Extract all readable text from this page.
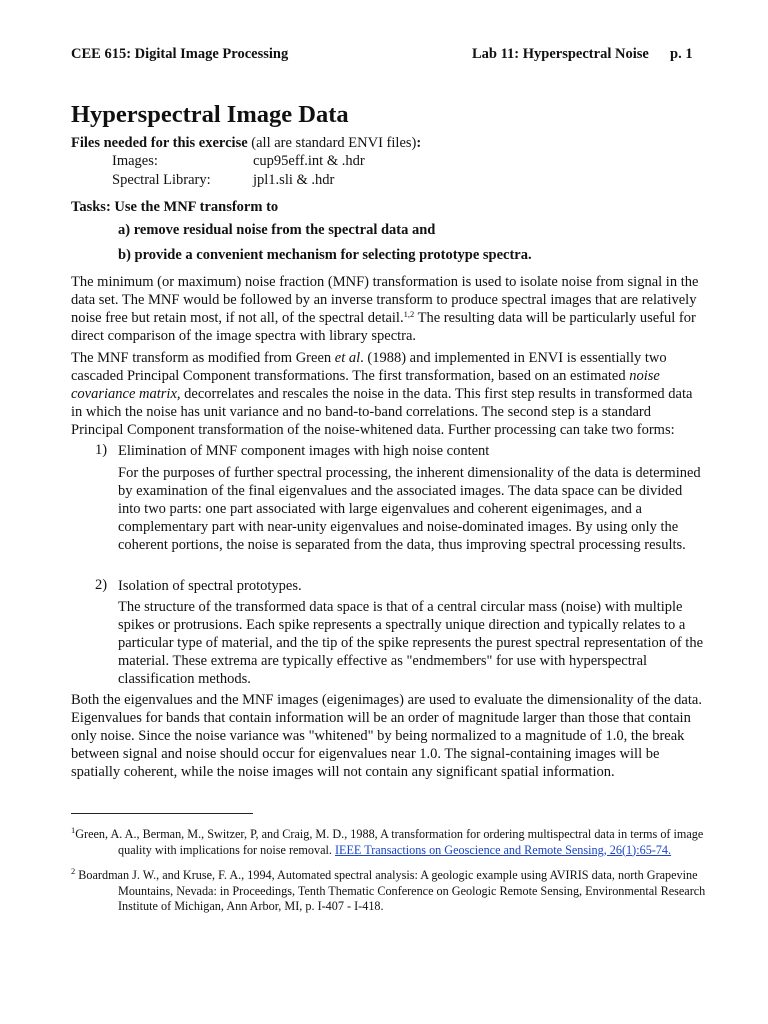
CEE 615: Digital Image Processing	Lab 11: Hyperspectral Noise p. 1
Hyperspectral Image Data
Files needed for this exercise (all are standard ENVI files):
Images:	cup95eff.int & .hdr
Spectral Library:	jpl1.sli & .hdr
Tasks: Use the MNF transform to
a) remove residual noise from the spectral data and
b) provide a convenient mechanism for selecting prototype spectra.

The minimum (or maximum) noise fraction (MNF) transformation is used to isolate noise from signal in the data set. The MNF would be followed by an inverse transform to produce spectral images that are relatively noise free but retain most, if not all, of the spectral detail.$^{1,2}$ The resulting data will be particularly useful for direct comparison of the image spectra with library spectra.

The MNF transform as modified from Green et al. (1988) and implemented in ENVI is essentially two cascaded Principal Component transformations. The first transformation, based on an estimated noise covariance matrix, decorrelates and rescales the noise in the data. This first step results in transformed data in which the noise has unit variance and no band-to-band correlations. The second step is a standard Principal Component transformation of the noise-whitened data. Further processing can take two forms:

1) Elimination of MNF component images with high noise content
For the purposes of further spectral processing, the inherent dimensionality of the data is determined by examination of the final eigenvalues and the associated images. The data space can be divided into two parts: one part associated with large eigenvalues and coherent eigenimages, and a complementary part with near-unity eigenvalues and noise-dominated images. By using only the coherent portions, the noise is separated from the data, thus improving spectral processing results.
2) Isolation of spectral prototypes.
The structure of the transformed data space is that of a central circular mass (noise) with multiple spikes or protrusions. Each spike represents a spectrally unique direction and typically relates to a particular type of material, and the tip of the spike represents the purest spectral representation of the material. These extrema are typically effective as "endmembers" for use with hyperspectral classification methods.
Both the eigenvalues and the MNF images (eigenimages) are used to evaluate the dimensionality of the data. Eigenvalues for bands that contain information will be an order of magnitude larger than those that contain only noise. Since the noise variance was "whitened" by being normalized to a magnitude of 1.0, the break between signal and noise should occur for eigenvalues near 1.0. The signal-containing images will be spatially coherent, while the noise images will not contain any significant spatial information.
$^1$Green, A. A., Berman, M., Switzer, P, and Craig, M. D., 1988, A transformation for ordering multispectral data in terms of image quality with implications for noise removal. IEEE Transactions on Geoscience and Remote Sensing, 26(1):65-74.
$^2$ Boardman J. W., and Kruse, F. A., 1994, Automated spectral analysis: A geologic example using AVIRIS data, north Grapevine Mountains, Nevada: in Proceedings, Tenth Thematic Conference on Geologic Remote Sensing, Environmental Research Institute of Michigan, Ann Arbor, MI, p. I-407 - I-418.
